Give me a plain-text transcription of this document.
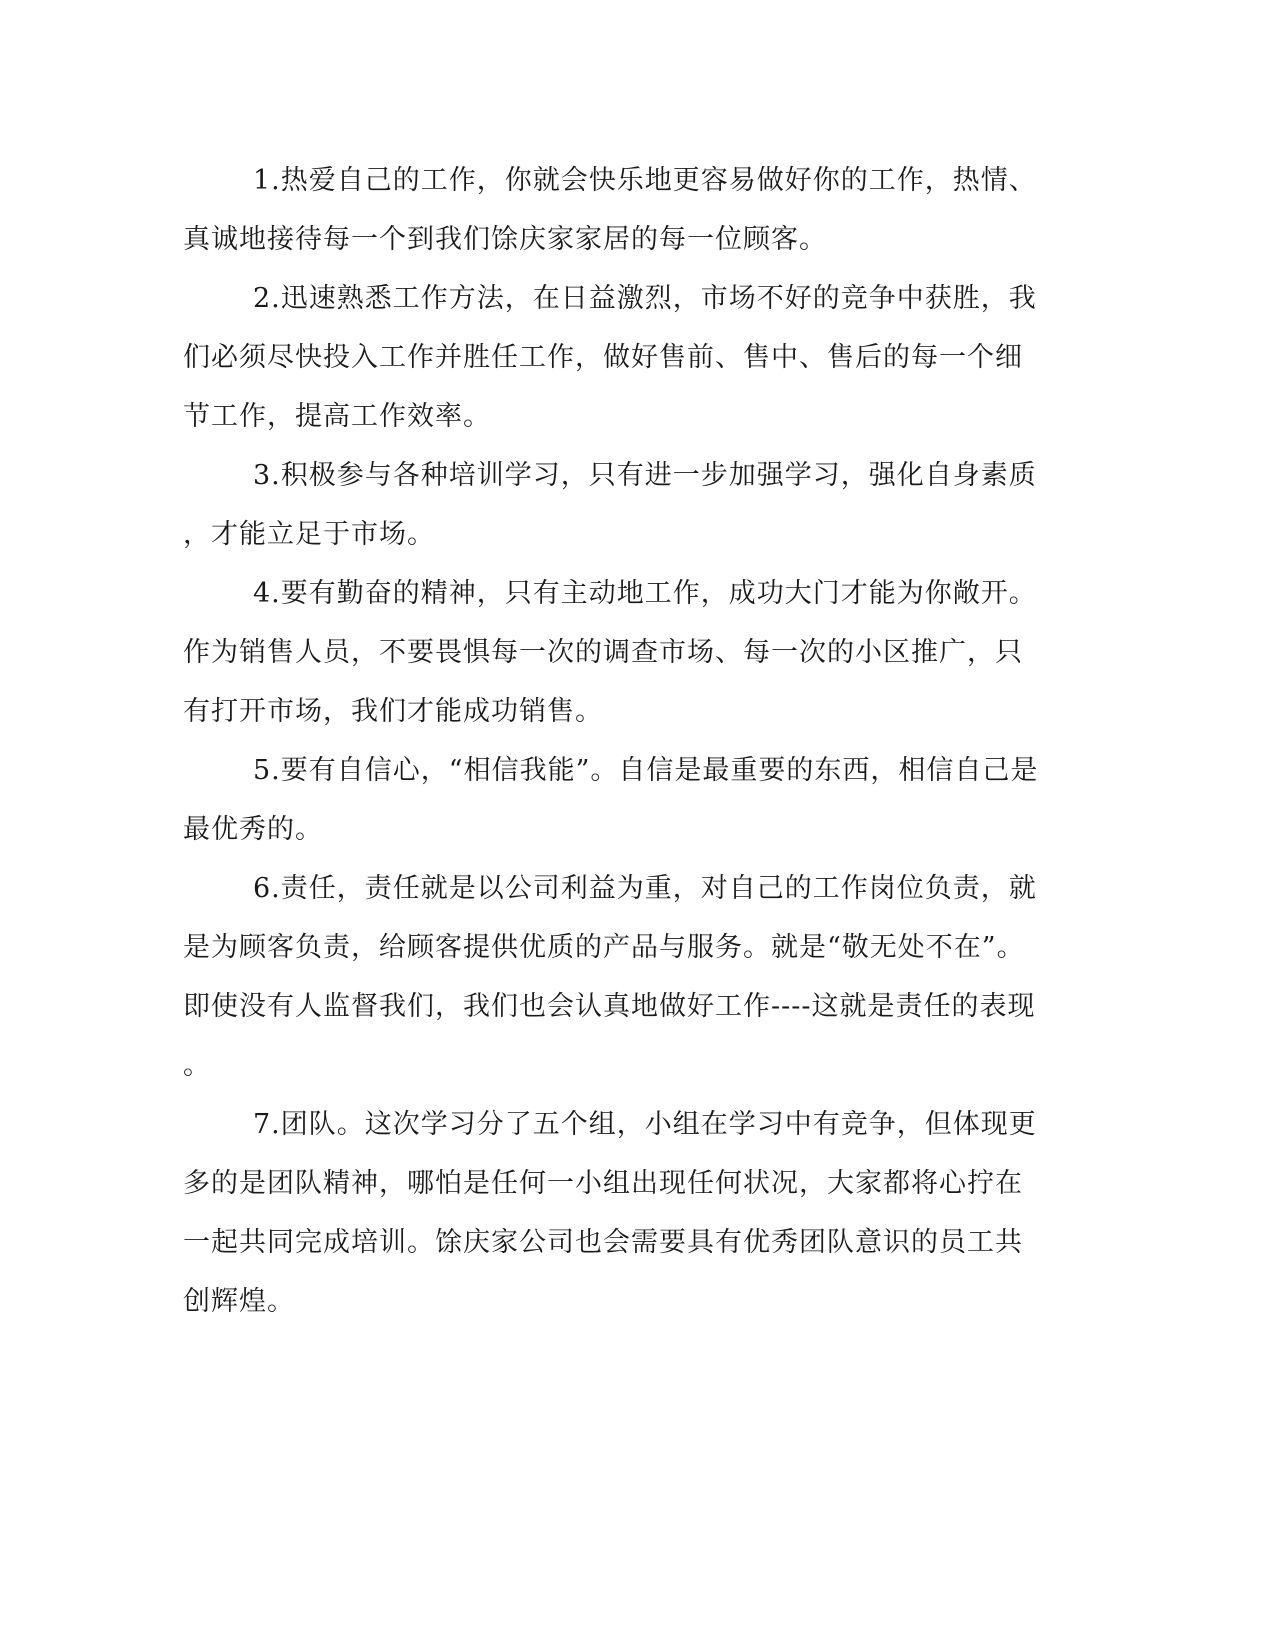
1.热爱自己的工作，你就会快乐地更容易做好你的工作，热情、
真诚地接待每一个到我们馀庆家家居的每一位顾客。
2.迅速熟悉工作方法，在日益激烈，市场不好的竞争中获胜，我
们必须尽快投入工作并胜任工作，做好售前、售中、售后的每一个细
节工作，提高工作效率。
3.积极参与各种培训学习，只有进一步加强学习，强化自身素质
，才能立足于市场。
4.要有勤奋的精神，只有主动地工作，成功大门才能为你敞开。
作为销售人员，不要畏惧每一次的调查市场、每一次的小区推广，只
有打开市场，我们才能成功销售。
5.要有自信心，“相信我能”。自信是最重要的东西，相信自己是
最优秀的。
6.责任，责任就是以公司利益为重，对自己的工作岗位负责，就
是为顾客负责，给顾客提供优质的产品与服务。就是“敬无处不在”。
即使没有人监督我们，我们也会认真地做好工作----这就是责任的表现
。
7.团队。这次学习分了五个组，小组在学习中有竞争，但体现更
多的是团队精神，哪怕是任何一小组出现任何状况，大家都将心拧在
一起共同完成培训。馀庆家公司也会需要具有优秀团队意识的员工共
创辉煌。
